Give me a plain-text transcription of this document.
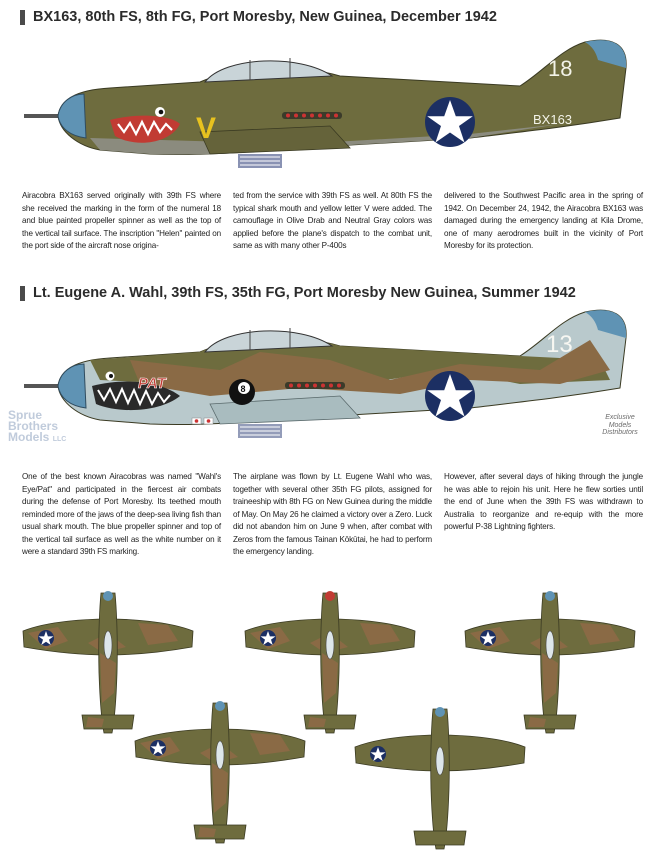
BX163, 80th FS, 8th FG, Port Moresby, New Guinea, December 1942
V	BX163
18
Airacobra BX163 served originally with 39th FS where she received the marking in the form of the numeral 18 and blue painted propeller spinner as well as the top of the vertical tail surface. The inscription "Helen" painted on the port side of the aircraft nose origina-
ted from the service with 39th FS as well. At 80th FS the typical shark mouth and yellow letter V were added. The camouflage in Olive Drab and Neutral Gray colors was applied before the plane's dispatch to the combat unit, same as with many other P-400s
delivered to the Southwest Pacific area in the spring of 1942. On December 24, 1942, the Airacobra BX163 was damaged during the emergency landing at Kila Drome, one of many aerodromes built in the vicinity of Port Moresby for its protection.
Lt. Eugene A. Wahl, 39th FS, 35th FG, Port Moresby New Guinea, Summer 1942
PAT	8
13
Sprue
Brothers
Models LLC
Exclusive
Models
Distributors
One of the best known Airacobras was named "Wahl's Eye/Pat" and participated in the fiercest air combats during the defense of Port Moresby. Its teethed mouth reminded more of the jaws of the deep-sea living fish than usual shark mouth. The blue propeller spinner and top of the vertical tail surface as well as the white number on it were a standard 39th FS marking.
The airplane was flown by Lt. Eugene Wahl who was, together with several other 35th FG pilots, assigned for traineeship with 8th FG on New Guinea during the middle of May. On May 26 he claimed a victory over a Zero. Luck did not abandon him on June 9 when, after combat with Zeros from the famous Tainan Kōkūtai, he had to perform the emergency landing.
However, after several days of hiking through the jungle he was able to rejoin his unit. Here he flew sorties until the end of June when the 39th FS was withdrawn to Australia to reorganize and re-equip with the more powerful P-38 Lightning fighters.
